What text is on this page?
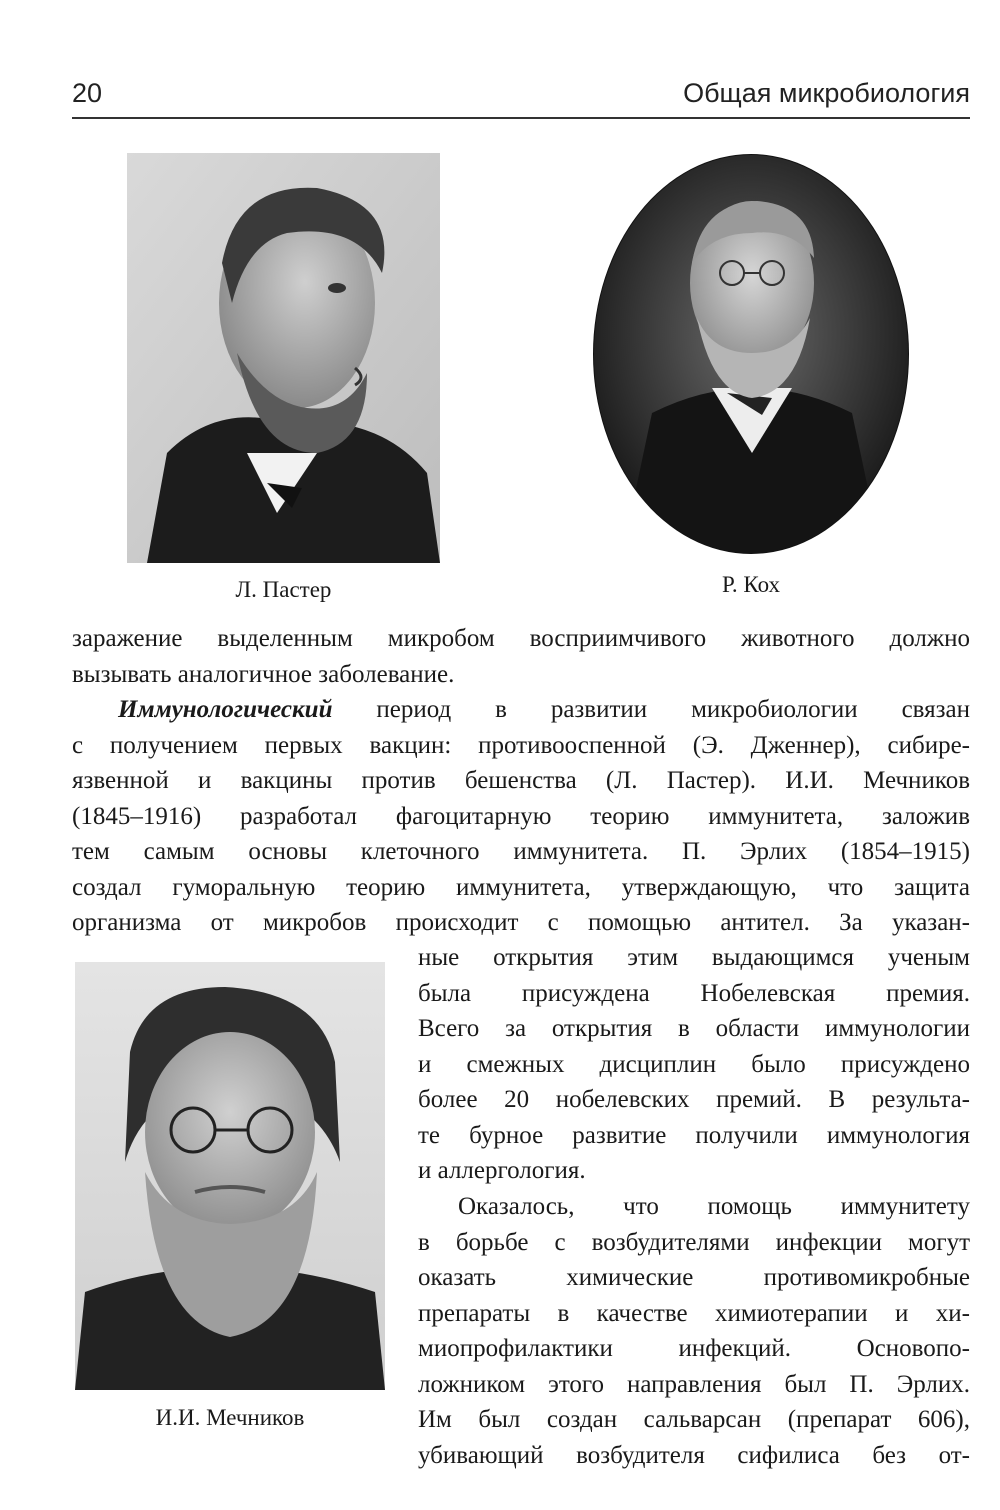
20	Общая микробиология
Л. Пастер	Р. Кох
заражение выделенным микробом восприимчивого животного должно
вызывать аналогичное заболевание.
Иммунологический период в развитии микробиологии связан
с получением первых вакцин: противооспенной (Э. Дженнер), сибире-
язвенной и вакцины против бешенства (Л. Пастер). И.И. Мечников
(1845–1916) разработал фагоцитарную теорию иммунитета, заложив
тем самым основы клеточного иммунитета. П. Эрлих (1854–1915)
создал гуморальную теорию иммунитета, утверждающую, что защита
организма от микробов происходит с помощью антител. За указан-
И.И. Мечников
ные открытия этим выдающимся ученым
была присуждена Нобелевская премия.
Всего за открытия в области иммунологии
и смежных дисциплин было присуждено
более 20 нобелевских премий. В результа-
те бурное развитие получили иммунология
и аллергология.
Оказалось, что помощь иммунитету
в борьбе с возбудителями инфекции могут
оказать химические противомикробные
препараты в качестве химиотерапии и хи-
миопрофилактики инфекций. Основопо-
ложником этого направления был П. Эрлих.
Им был создан сальварсан (препарат 606),
убивающий возбудителя сифилиса без от-
